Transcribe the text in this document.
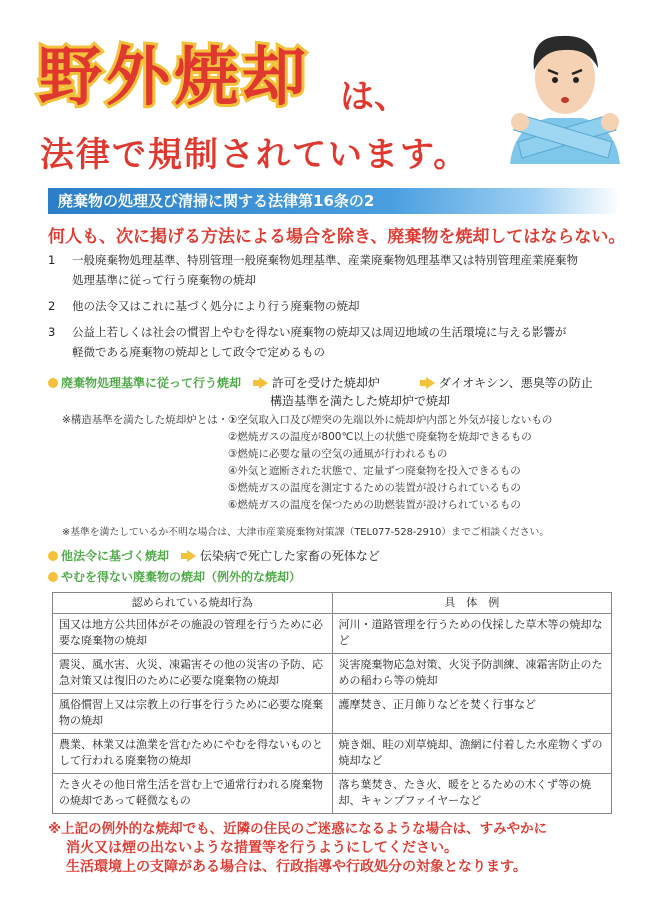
野外焼却 は、
法律で規制されています。
廃棄物の処理及び清掃に関する法律第16条の2
何人も、次に掲げる方法による場合を除き、廃棄物を焼却してはならない。
1 一般廃棄物処理基準、特別管理一般廃棄物処理基準、産業廃棄物処理基準又は特別管理産業廃棄物
処理基準に従って行う廃棄物の焼却
2 他の法令又はこれに基づく処分により行う廃棄物の焼却
3 公益上若しくは社会の慣習上やむを得ない廃棄物の焼却又は周辺地域の生活環境に与える影響が
軽微である廃棄物の焼却として政令で定めるもの
廃棄物処理基準に従って行う焼却	許可を受けた焼却炉	ダイオキシン、悪臭等の防止
構造基準を満たした焼却炉で焼却
※構造基準を満たした焼却炉とは・・・
①空気取入口及び煙突の先端以外に焼却炉内部と外気が接しないもの
②燃焼ガスの温度が800℃以上の状態で廃棄物を焼却できるもの
③燃焼に必要な量の空気の通風が行われるもの
④外気と遮断された状態で、定量ずつ廃棄物を投入できるもの
⑤燃焼ガスの温度を測定するための装置が設けられているもの
⑥燃焼ガスの温度を保つための助燃装置が設けられているもの
※基準を満たしているか不明な場合は、大津市産業廃棄物対策課（TEL077-528-2910）までご相談ください。
他法令に基づく焼却	伝染病で死亡した家畜の死体など
やむを得ない廃棄物の焼却（例外的な焼却）
認められている焼却行為	具　体　例
国又は地方公共団体がその施設の管理を行うために必要な廃棄物の焼却	河川・道路管理を行うための伐採した草木等の焼却など
震災、風水害、火災、凍霜害その他の災害の予防、応急対策又は復旧のために必要な廃棄物の焼却	災害廃棄物応急対策、火災予防訓練、凍霜害防止のための稲わら等の焼却
風俗慣習上又は宗教上の行事を行うために必要な廃棄物の焼却	護摩焚き、正月飾りなどを焚く行事など
農業、林業又は漁業を営むためにやむを得ないものとして行われる廃棄物の焼却	焼き畑、畦の刈草焼却、漁網に付着した水産物くずの焼却など
たき火その他日常生活を営む上で通常行われる廃棄物の焼却であって軽微なもの	落ち葉焚き、たき火、暖をとるための木くず等の焼却、キャンプファイヤーなど
※上記の例外的な焼却でも、近隣の住民のご迷惑になるような場合は、すみやかに
消火又は煙の出ないような措置等を行うようにしてください。
生活環境上の支障がある場合は、行政指導や行政処分の対象となります。
